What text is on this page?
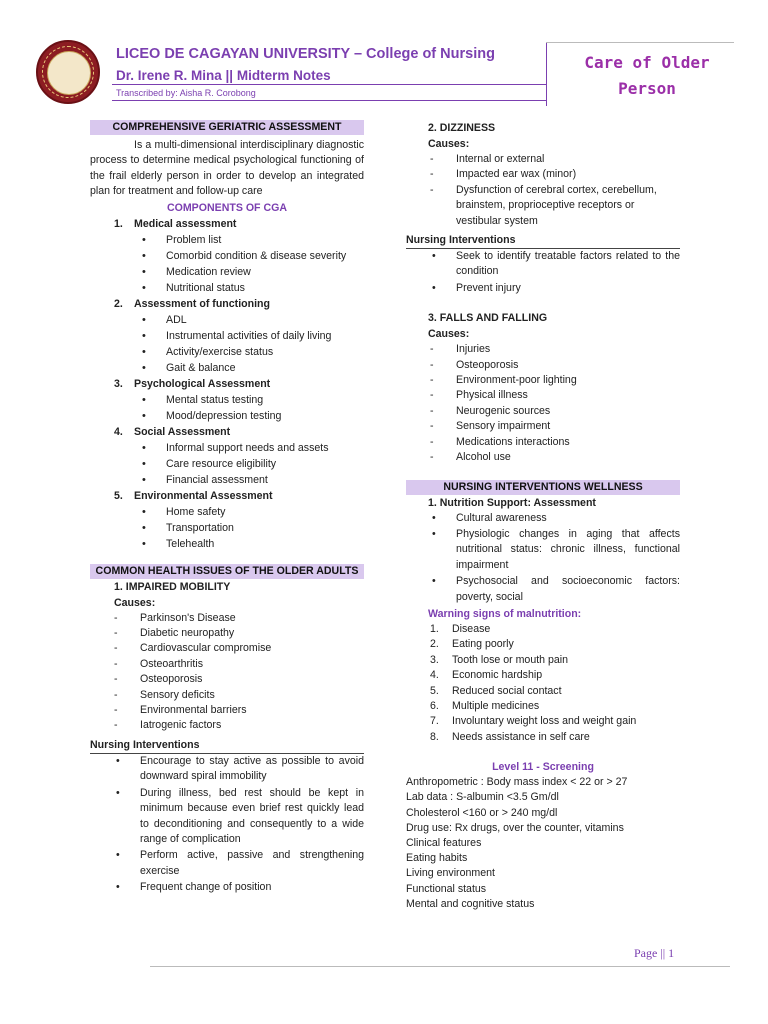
LICEO DE CAGAYAN UNIVERSITY – College of Nursing
Dr. Irene R. Mina || Midterm Notes
Transcribed by: Aisha R. Corobong
Care of Older
Person
COMPREHENSIVE GERIATRIC ASSESSMENT
Is a multi-dimensional interdisciplinary diagnostic process to determine medical psychological functioning of the frail elderly person in order to develop an integrated plan for treatment and follow-up care
COMPONENTS OF CGA
1. Medical assessment
• Problem list
• Comorbid condition & disease severity
• Medication review
• Nutritional status
2. Assessment of functioning
• ADL
• Instrumental activities of daily living
• Activity/exercise status
• Gait & balance
3. Psychological Assessment
• Mental status testing
• Mood/depression testing
4. Social Assessment
• Informal support needs and assets
• Care resource eligibility
• Financial assessment
5. Environmental Assessment
• Home safety
• Transportation
• Telehealth
COMMON HEALTH ISSUES OF THE OLDER ADULTS
1. IMPAIRED MOBILITY
Causes:
- Parkinson's Disease
- Diabetic neuropathy
- Cardiovascular compromise
- Osteoarthritis
- Osteoporosis
- Sensory deficits
- Environmental barriers
- Iatrogenic factors
Nursing Interventions
• Encourage to stay active as possible to avoid downward spiral immobility
• During illness, bed rest should be kept in minimum because even brief rest quickly lead to deconditioning and consequently to a wide range of complication
• Perform active, passive and strengthening exercise
• Frequent change of position
2. DIZZINESS
Causes:
- Internal or external
- Impacted ear wax (minor)
- Dysfunction of cerebral cortex, cerebellum, brainstem, proprioceptive receptors or vestibular system
Nursing Interventions
• Seek to identify treatable factors related to the condition
• Prevent injury
3. FALLS AND FALLING
Causes:
- Injuries
- Osteoporosis
- Environment-poor lighting
- Physical illness
- Neurogenic sources
- Sensory impairment
- Medications interactions
- Alcohol use
NURSING INTERVENTIONS WELLNESS
1. Nutrition Support: Assessment
• Cultural awareness
• Physiologic changes in aging that affects nutritional status: chronic illness, functional impairment
• Psychosocial and socioeconomic factors: poverty, social
Warning signs of malnutrition:
1. Disease
2. Eating poorly
3. Tooth lose or mouth pain
4. Economic hardship
5. Reduced social contact
6. Multiple medicines
7. Involuntary weight loss and weight gain
8. Needs assistance in self care
Level 11 - Screening
Anthropometric : Body mass index < 22 or > 27
Lab data : S-albumin <3.5 Gm/dl
Cholesterol <160 or > 240 mg/dl
Drug use: Rx drugs, over the counter, vitamins
Clinical features
Eating habits
Living environment
Functional status
Mental and cognitive status
Page || 1
